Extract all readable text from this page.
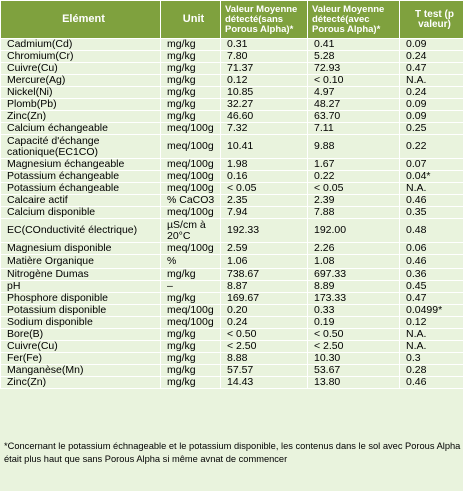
Elément	Unit	Valeur Moyenne détecté(sans Porous Alpha)*	Valeur Moyenne détecté(avec Porous Alpha)*	T test (p valeur)
Cadmium(Cd)	mg/kg	0.31	0.41	0.09
Chromium(Cr)	mg/kg	7.80	5.28	0.24
Cuivre(Cu)	mg/kg	71.37	72.93	0.47
Mercure(Ag)	mg/kg	0.12	< 0.10	N.A.
Nickel(Ni)	mg/kg	10.85	4.97	0.24
Plomb(Pb)	mg/kg	32.27	48.27	0.09
Zinc(Zn)	mg/kg	46.60	63.70	0.09
Calcium échangeable	meq/100g	7.32	7.11	0.25
Capacité d'échange cationique(EC1CO)	meq/100g	10.41	9.88	0.22
Magnesium échangeable	meq/100g	1.98	1.67	0.07
Potassium échangeable	meq/100g	0.16	0.22	0.04*
Potassium échangeable	meq/100g	< 0.05	< 0.05	N.A.
Calcaire actif	% CaCO3	2.35	2.39	0.46
Calcium disponible	meq/100g	7.94	7.88	0.35
EC(COnductivité électrique)	µS/cm à 20°C	192.33	192.00	0.48
Magnesium disponible	meq/100g	2.59	2.26	0.06
Matière Organique	%	1.06	1.08	0.46
Nitrogène Dumas	mg/kg	738.67	697.33	0.36
pH	–	8.87	8.89	0.45
Phosphore disponible	mg/kg	169.67	173.33	0.47
Potassium disponible	meq/100g	0.20	0.33	0.0499*
Sodium disponible	meq/100g	0.24	0.19	0.12
Bore(B)	mg/kg	< 0.50	< 0.50	N.A.
Cuivre(Cu)	mg/kg	< 2.50	< 2.50	N.A.
Fer(Fe)	mg/kg	8.88	10.30	0.3
Manganèse(Mn)	mg/kg	57.57	53.67	0.28
Zinc(Zn)	mg/kg	14.43	13.80	0.46
*Concernant le potassium échnageable et le potassium disponible, les contenus dans le sol avec Porous Alpha était plus haut que sans Porous Alpha si même avnat de commencer
